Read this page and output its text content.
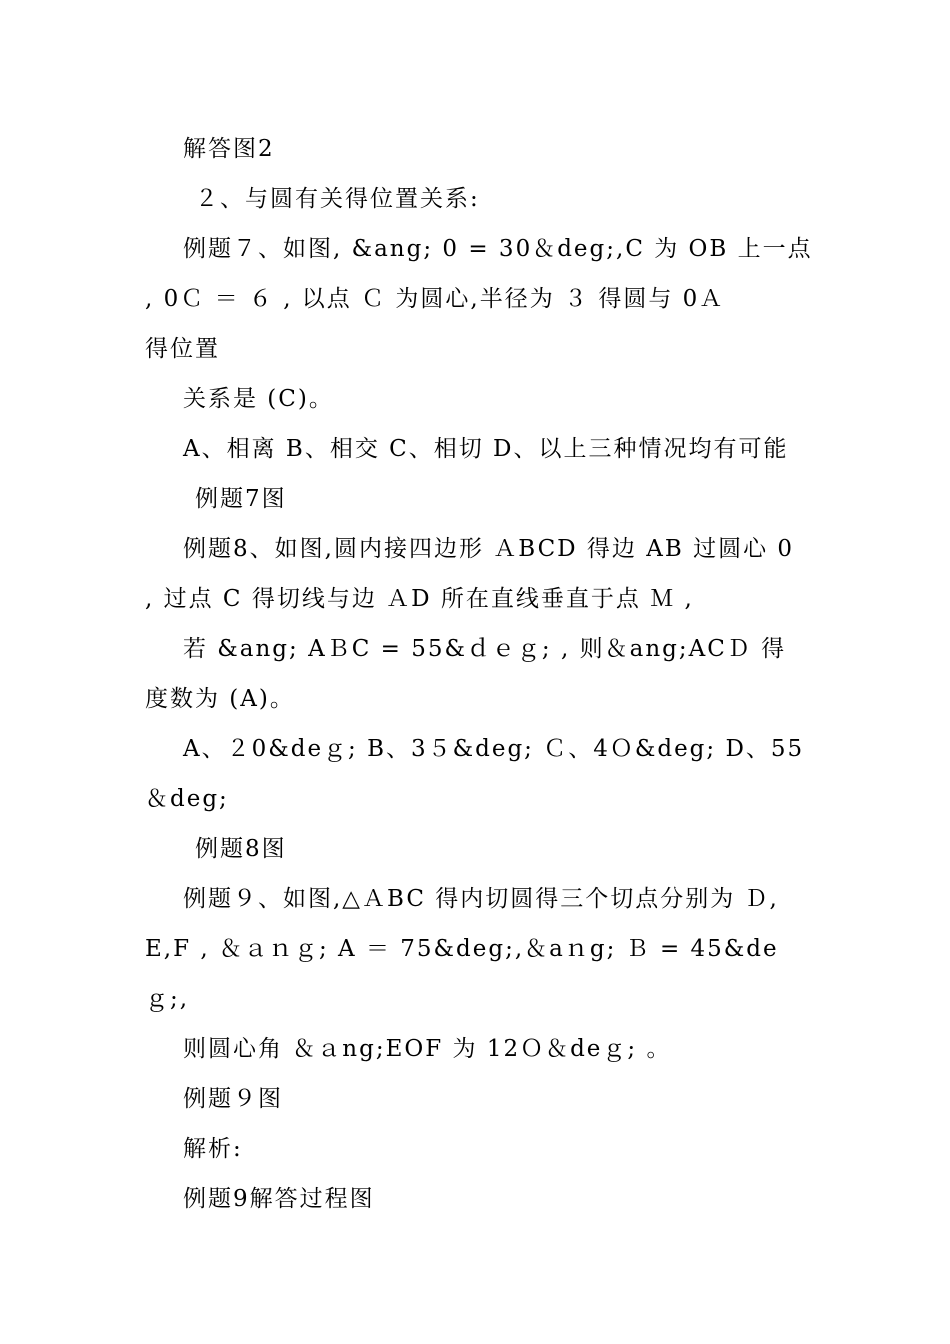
解答图2
２、与圆有关得位置关系:
例题７、如图, &ang; 0 = 30＆deg;,C 为 OB 上一点
, 0Ｃ ＝ ６ , 以点 Ｃ 为圆心,半径为 ３ 得圆与 0Ａ
得位置
关系是 (C)。
A、相离 B、相交 C、相切 D、以上三种情况均有可能
例题7图
例题8、如图,圆内接四边形 ＡBCD 得边 AB 过圆心 0
, 过点 C 得切线与边 ＡD 所在直线垂直于点 Ｍ ,
若 &ang; AＢC = 55&ｄｅｇ; , 则＆ang;ACＤ 得
度数为 (A)。
A、２0&deｇ; B、3５&deg; Ｃ、4Ｏ&deg; D、55
＆deg;
例题8图
例题９、如图,△ＡBC 得内切圆得三个切点分别为 Ｄ,
E,F , ＆ａｎｇ; A ＝ 75&deg;,＆aｎg; Ｂ = 45&de
ｇ;,
则圆心角 ＆ａng;EOF 为 12Ｏ＆deｇ; 。
例题９图
解析:
例题9解答过程图
